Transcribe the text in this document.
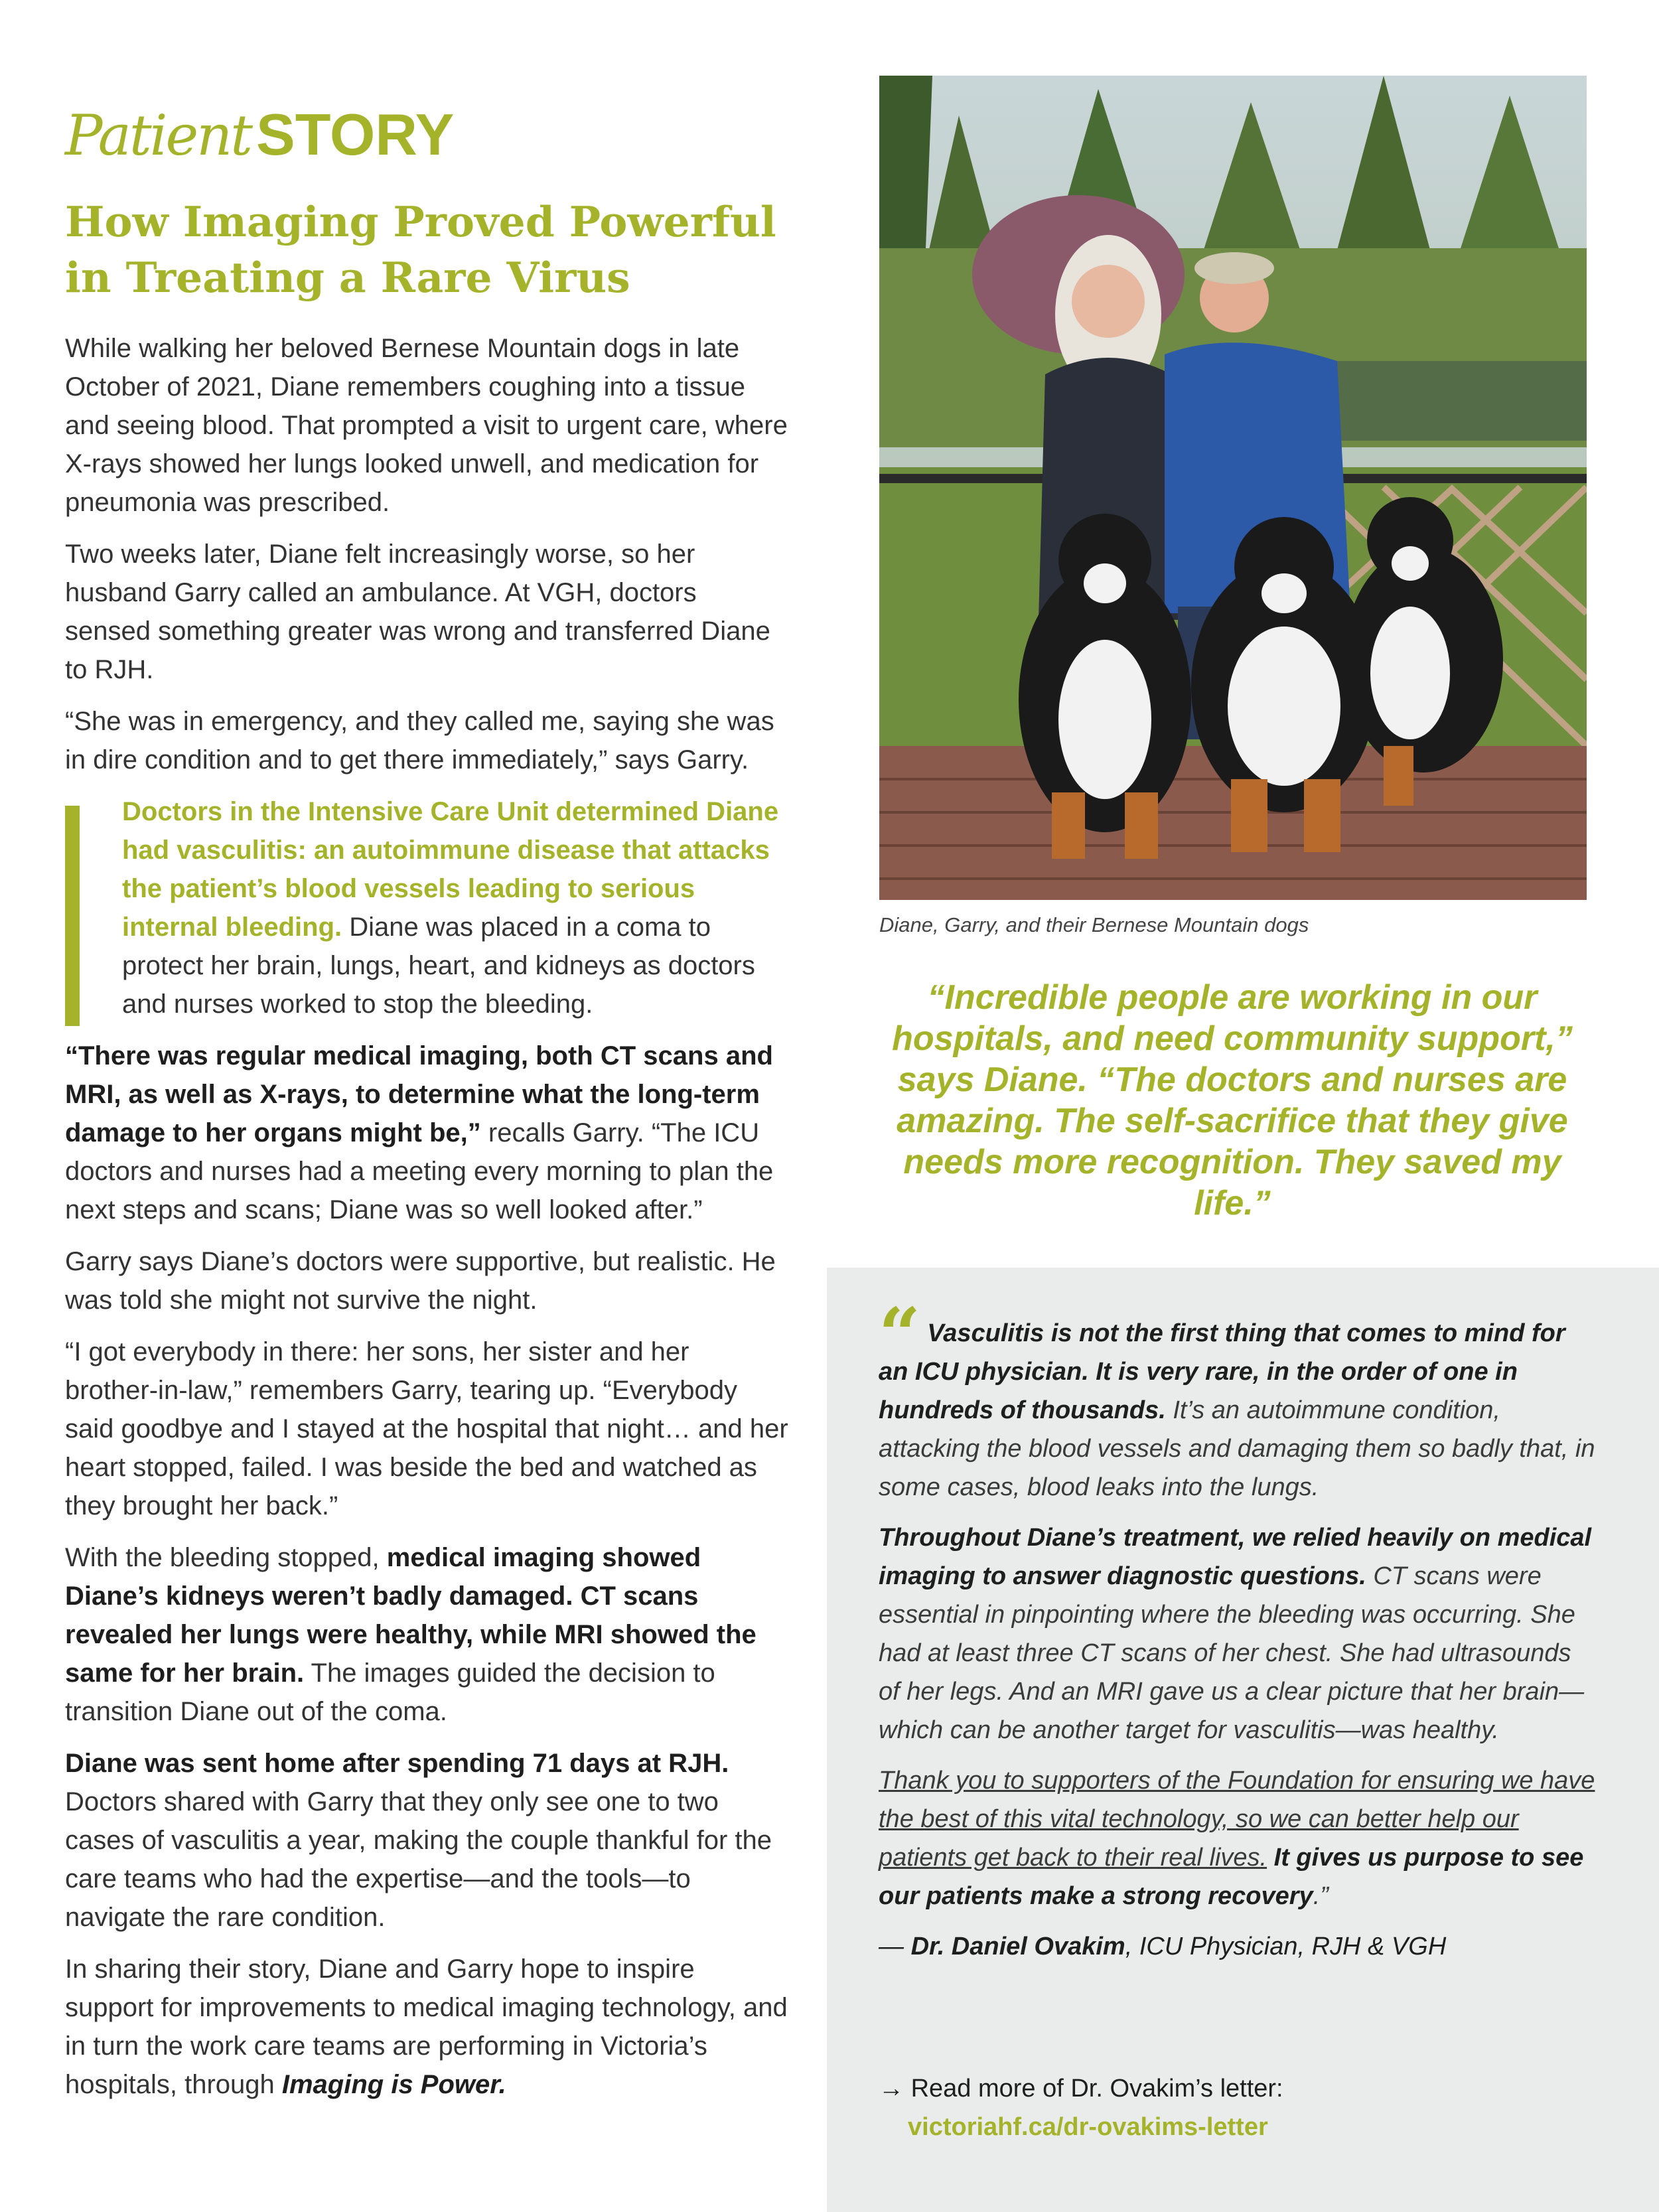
PatientSTORY
How Imaging Proved Powerful
in Treating a Rare Virus

While walking her beloved Bernese Mountain dogs in late October of 2021, Diane remembers coughing into a tissue and seeing blood. That prompted a visit to urgent care, where X-rays showed her lungs looked unwell, and medication for pneumonia was prescribed.

Two weeks later, Diane felt increasingly worse, so her husband Garry called an ambulance. At VGH, doctors sensed something greater was wrong and transferred Diane to RJH.

“She was in emergency, and they called me, saying she was in dire condition and to get there immediately,” says Garry.

Doctors in the Intensive Care Unit determined Diane had vasculitis: an autoimmune disease that attacks the patient’s blood vessels leading to serious internal bleeding. Diane was placed in a coma to protect her brain, lungs, heart, and kidneys as doctors and nurses worked to stop the bleeding.

“There was regular medical imaging, both CT scans and MRI, as well as X-rays, to determine what the long-term damage to her organs might be,” recalls Garry. “The ICU doctors and nurses had a meeting every morning to plan the next steps and scans; Diane was so well looked after.”

Garry says Diane’s doctors were supportive, but realistic. He was told she might not survive the night.

“I got everybody in there: her sons, her sister and her brother-in-law,” remembers Garry, tearing up. “Everybody said goodbye and I stayed at the hospital that night… and her heart stopped, failed. I was beside the bed and watched as they brought her back.”

With the bleeding stopped, medical imaging showed Diane’s kidneys weren’t badly damaged. CT scans revealed her lungs were healthy, while MRI showed the same for her brain. The images guided the decision to transition Diane out of the coma.

Diane was sent home after spending 71 days at RJH. Doctors shared with Garry that they only see one to two cases of vasculitis a year, making the couple thankful for the care teams who had the expertise—and the tools—to navigate the rare condition.

In sharing their story, Diane and Garry hope to inspire support for improvements to medical imaging technology, and in turn the work care teams are performing in Victoria’s hospitals, through Imaging is Power.

Diane, Garry, and their Bernese Mountain dogs
“Incredible people are working in our hospitals, and need community support,” says Diane. “The doctors and nurses are amazing. The self-sacrifice that they give needs more recognition. They saved my life.”

“ Vasculitis is not the first thing that comes to mind for an ICU physician. It is very rare, in the order of one in hundreds of thousands. It’s an autoimmune condition, attacking the blood vessels and damaging them so badly that, in some cases, blood leaks into the lungs.

Throughout Diane’s treatment, we relied heavily on medical imaging to answer diagnostic questions. CT scans were essential in pinpointing where the bleeding was occurring. She had at least three CT scans of her chest. She had ultrasounds of her legs. And an MRI gave us a clear picture that her brain—which can be another target for vasculitis—was healthy.

Thank you to supporters of the Foundation for ensuring we have the best of this vital technology, so we can better help our patients get back to their real lives. It gives us purpose to see our patients make a strong recovery.”

— Dr. Daniel Ovakim, ICU Physician, RJH & VGH

→ Read more of Dr. Ovakim’s letter:
victoriahf.ca/dr-ovakims-letter
